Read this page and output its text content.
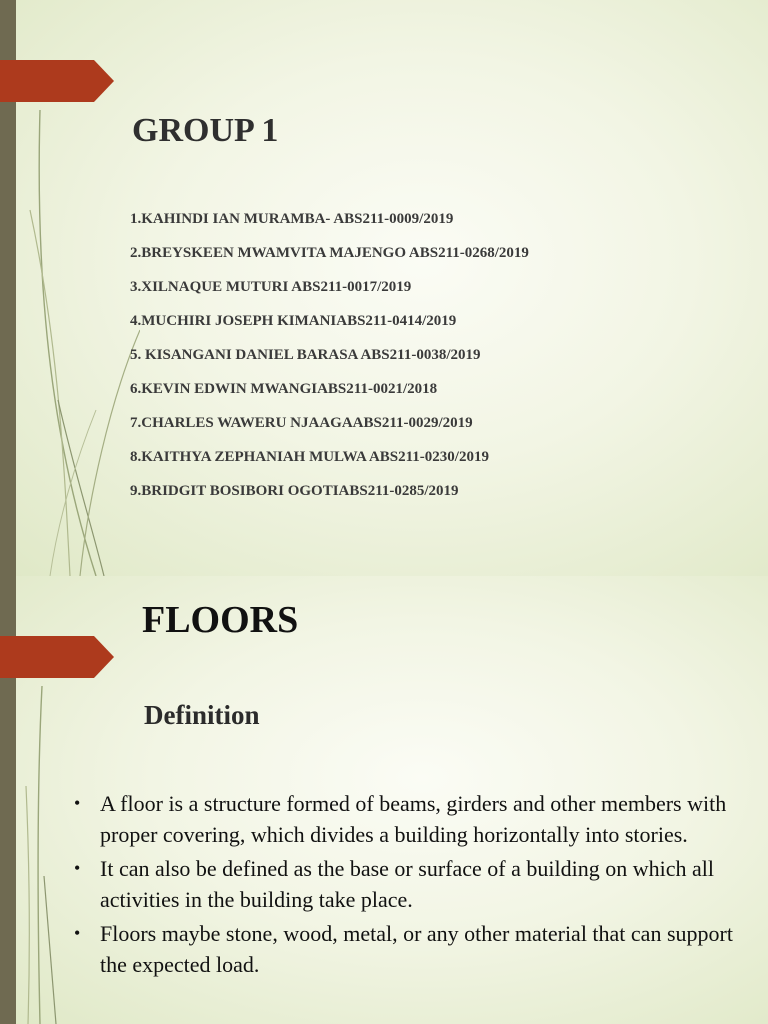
GROUP 1
1.KAHINDI IAN MURAMBA- ABS211-0009/2019
2.BREYSKEEN MWAMVITA MAJENGO ABS211-0268/2019
3.XILNAQUE MUTURI ABS211-0017/2019
4.MUCHIRI JOSEPH KIMANIABS211-0414/2019
5. KISANGANI DANIEL BARASA ABS211-0038/2019
6.KEVIN EDWIN MWANGIABS211-0021/2018
7.CHARLES WAWERU NJAAGAABS211-0029/2019
8.KAITHYA ZEPHANIAH MULWA ABS211-0230/2019
9.BRIDGIT BOSIBORI OGOTIABS211-0285/2019
FLOORS
Definition
• A floor is a structure formed of beams, girders and other members with proper covering, which divides a building horizontally into stories.
• It can also be defined as the base or surface of a building on which all activities in the building take place.
• Floors maybe stone, wood, metal, or any other material that can support the expected load.
